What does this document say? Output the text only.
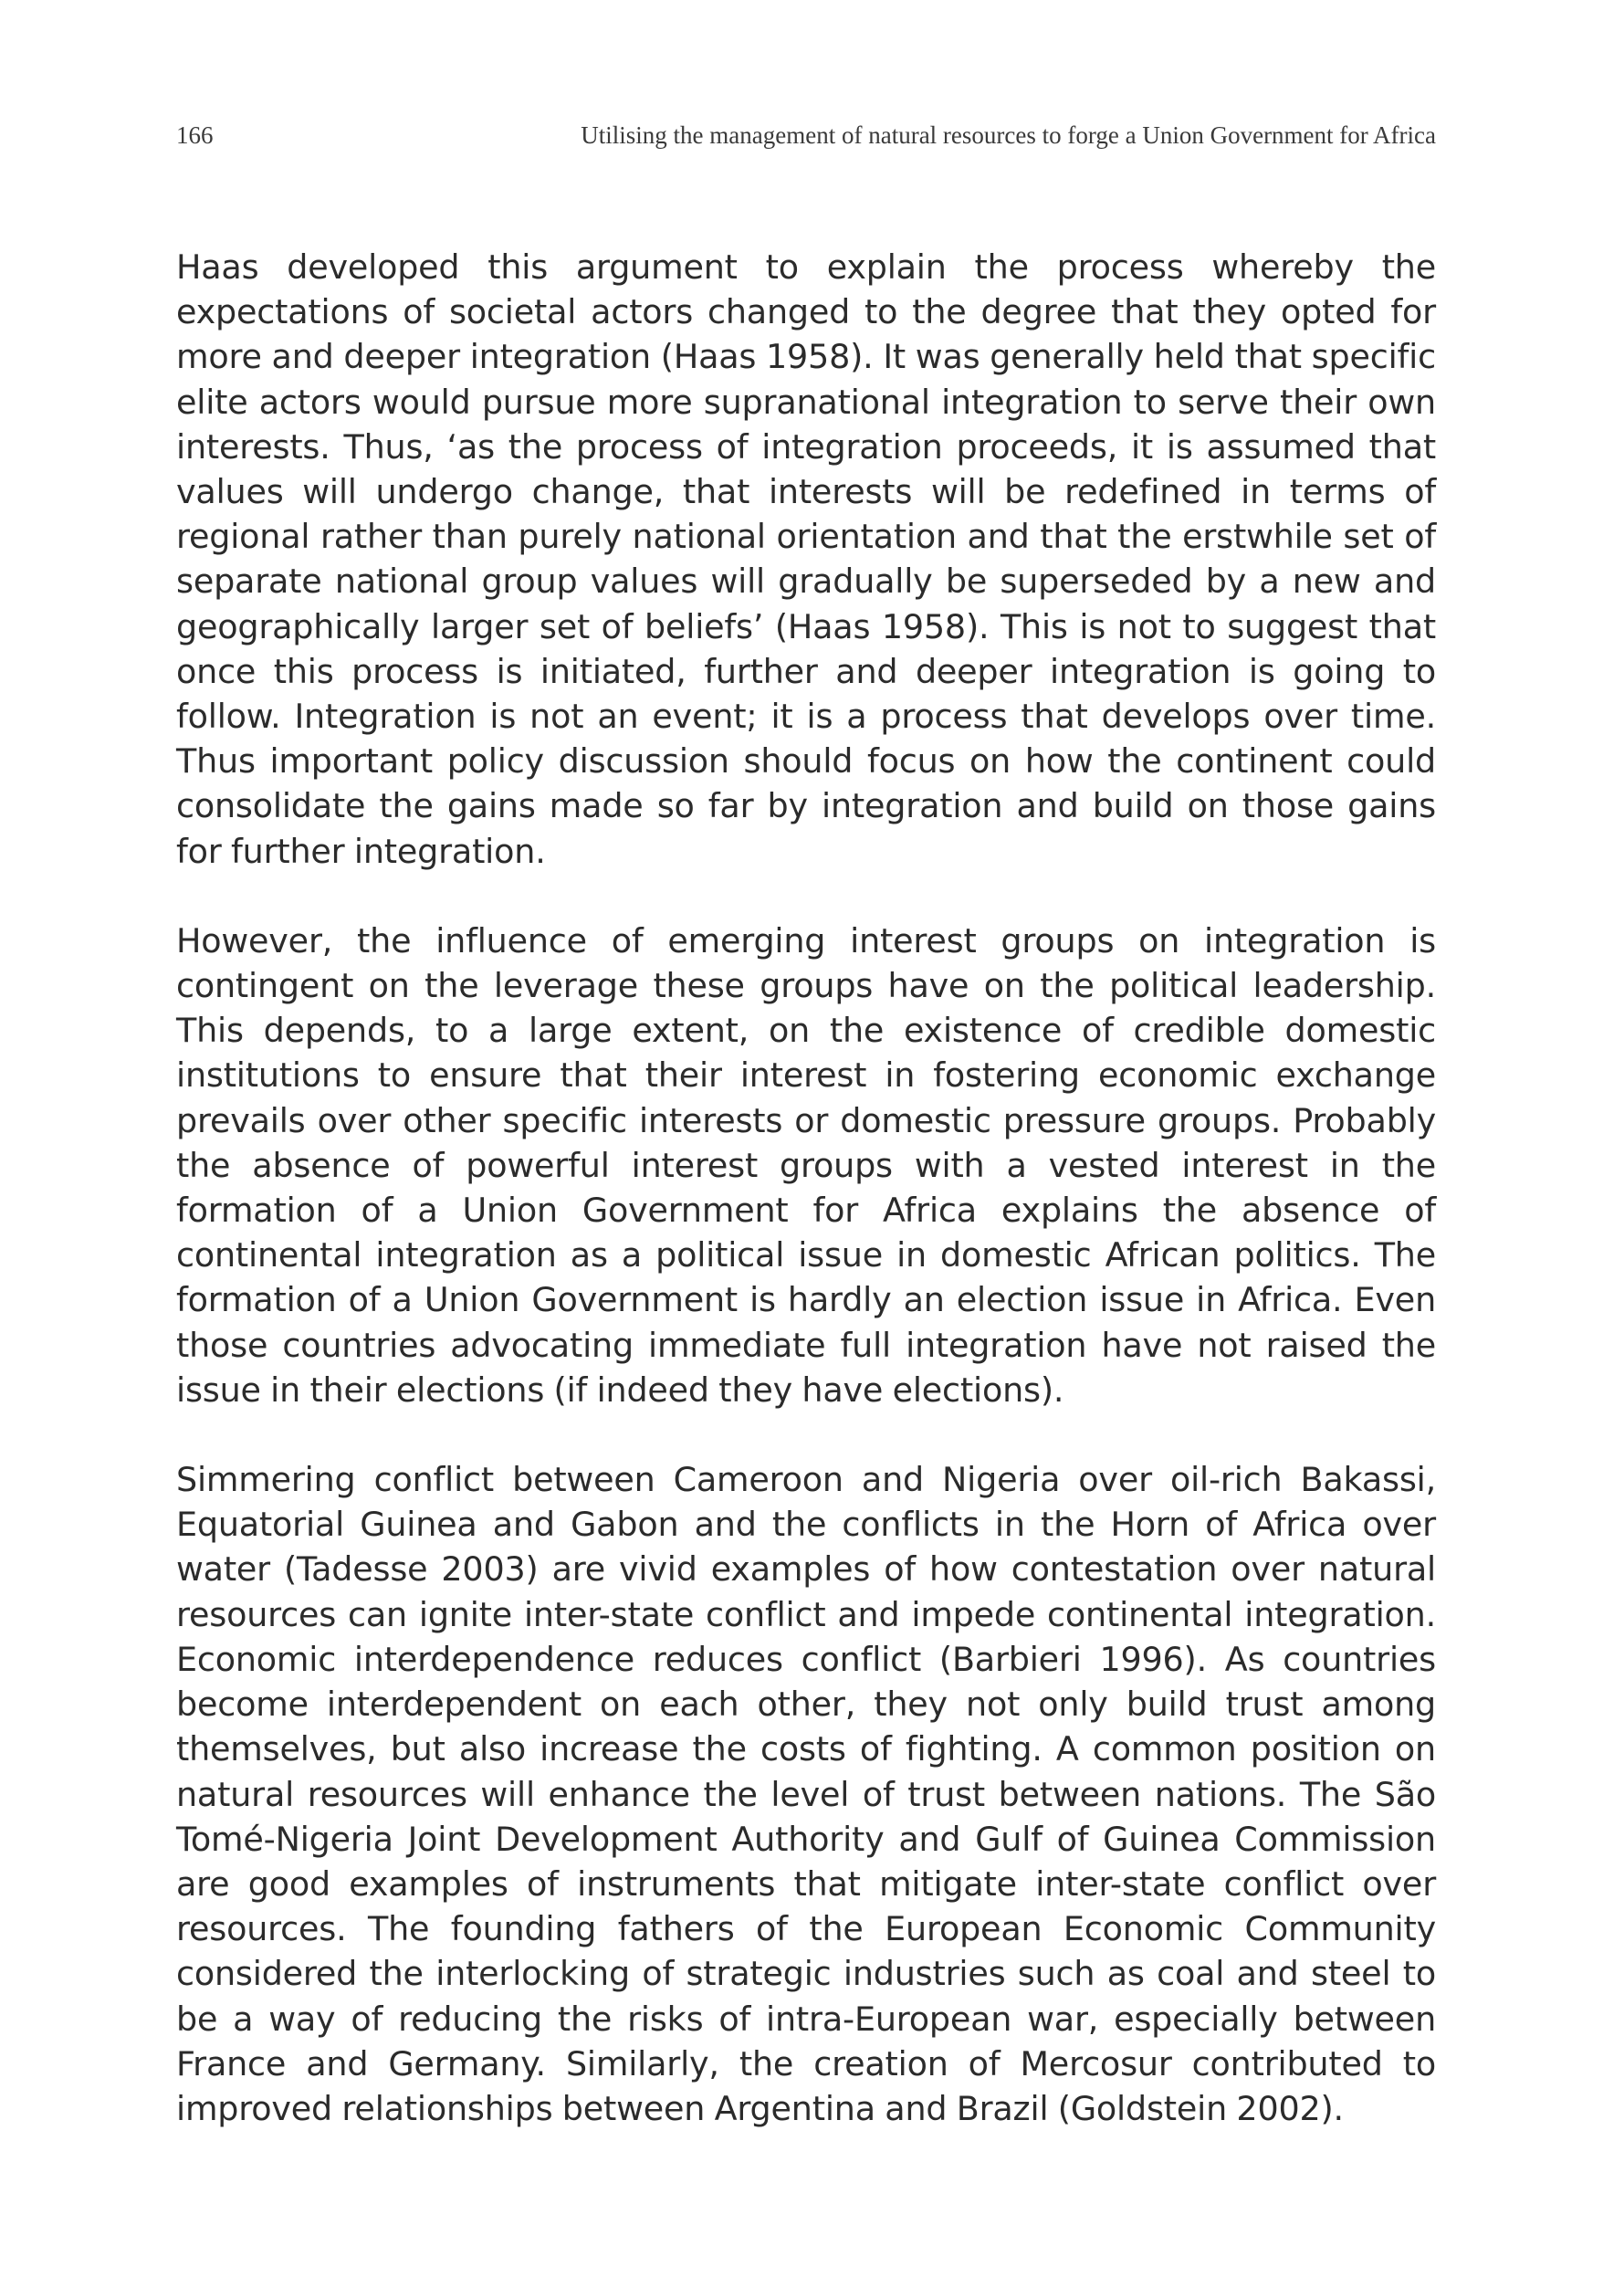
166	Utilising the management of natural resources to forge a Union Government for Africa

Haas developed this argument to explain the process whereby the expectations of societal actors changed to the degree that they opted for more and deeper integration (Haas 1958). It was generally held that specific elite actors would pursue more supranational integration to serve their own interests. Thus, ‘as the process of integration proceeds, it is assumed that values will undergo change, that interests will be redefined in terms of regional rather than purely national orientation and that the erstwhile set of separate national group values will gradually be superseded by a new and geographically larger set of beliefs’ (Haas 1958). This is not to suggest that once this process is initiated, further and deeper integration is going to follow. Integration is not an event; it is a process that develops over time. Thus important policy discussion should focus on how the continent could consolidate the gains made so far by integration and build on those gains for further integration.

However, the influence of emerging interest groups on integration is contingent on the leverage these groups have on the political leadership. This depends, to a large extent, on the existence of credible domestic institutions to ensure that their interest in fostering economic exchange prevails over other specific interests or domestic pressure groups. Probably the absence of powerful interest groups with a vested interest in the formation of a Union Government for Africa explains the absence of continental integration as a political issue in domestic African politics. The formation of a Union Government is hardly an election issue in Africa. Even those countries advocating immediate full integration have not raised the issue in their elections (if indeed they have elections).

Simmering conflict between Cameroon and Nigeria over oil-rich Bakassi, Equatorial Guinea and Gabon and the conflicts in the Horn of Africa over water (Tadesse 2003) are vivid examples of how contestation over natural resources can ignite inter-state conflict and impede continental integration. Economic interdependence reduces conflict (Barbieri 1996). As countries become interdependent on each other, they not only build trust among themselves, but also increase the costs of fighting. A common position on natural resources will enhance the level of trust between nations. The São Tomé-Nigeria Joint Development Authority and Gulf of Guinea Commission are good examples of instruments that mitigate inter-state conflict over resources. The founding fathers of the European Economic Community considered the interlocking of strategic industries such as coal and steel to be a way of reducing the risks of intra-European war, especially between France and Germany. Similarly, the creation of Mercosur contributed to improved relationships between Argentina and Brazil (Goldstein 2002).
